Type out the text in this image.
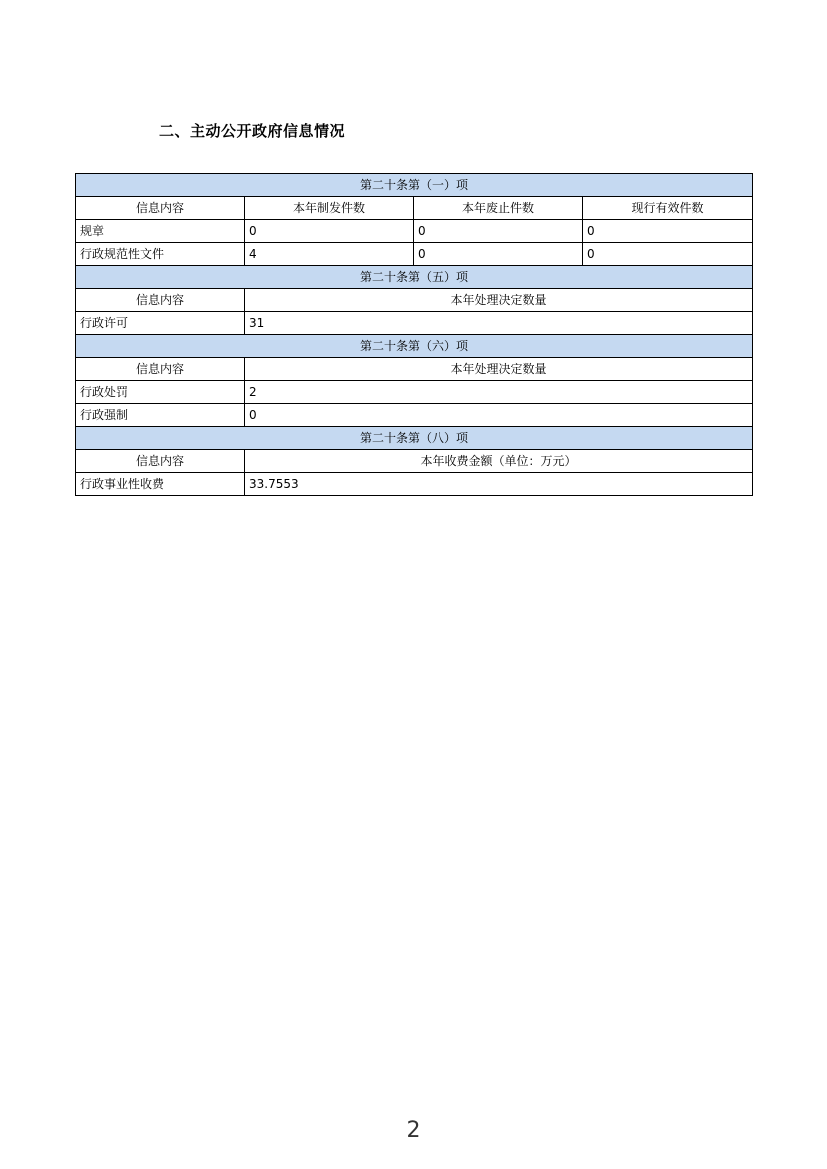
二、主动公开政府信息情况
第二十条第（一）项			
信息内容	本年制发件数	本年废止件数	现行有效件数
规章	0	0	0
行政规范性文件	4	0	0
第二十条第（五）项			
信息内容	本年处理决定数量		
行政许可	31		
第二十条第（六）项			
信息内容	本年处理决定数量		
行政处罚	2		
行政强制	0		
第二十条第（八）项			
信息内容	本年收费金额（单位：万元）		
行政事业性收费	33.7553		
2
